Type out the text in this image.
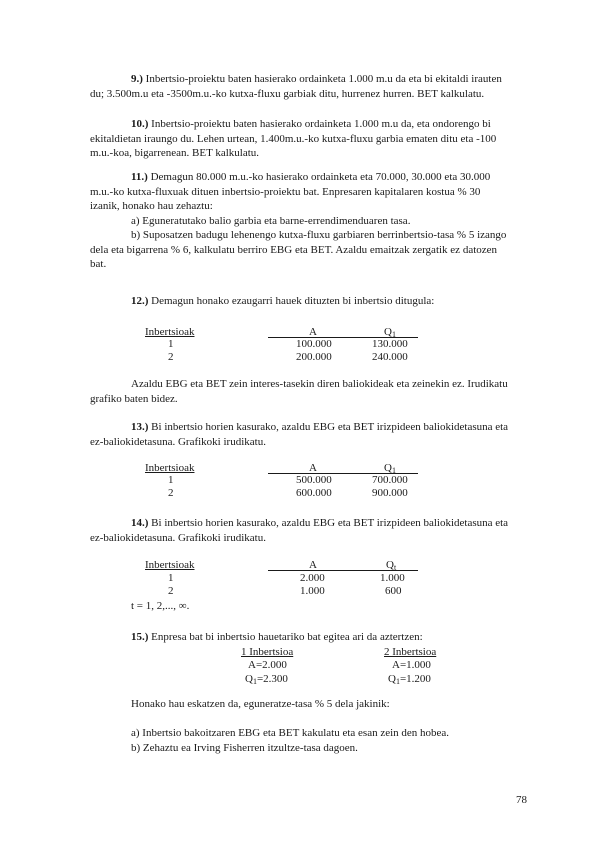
9.) Inbertsio-proiektu baten hasierako ordainketa 1.000 m.u da eta bi ekitaldi irauten
du; 3.500m.u eta -3500m.u.-ko kutxa-fluxu garbiak ditu, hurrenez hurren. BET kalkulatu.
10.) Inbertsio-proiektu baten hasierako ordainketa 1.000 m.u da, eta ondorengo bi
ekitaldietan iraungo du. Lehen urtean, 1.400m.u.-ko kutxa-fluxu garbia ematen ditu eta -100
m.u.-koa, bigarrenean. BET kalkulatu.
11.) Demagun 80.000 m.u.-ko hasierako ordainketa eta 70.000, 30.000 eta 30.000
m.u.-ko kutxa-fluxuak dituen inbertsio-proiektu bat. Enpresaren kapitalaren kostua % 30
izanik, honako hau zehaztu:
a) Eguneratutako balio garbia eta barne-errendimenduaren tasa.
b) Suposatzen badugu lehenengo kutxa-fluxu garbiaren berrinbertsio-tasa % 5 izango
dela eta bigarrena % 6, kalkulatu berriro EBG eta BET. Azaldu emaitzak zergatik ez datozen
bat.
12.) Demagun honako ezaugarri hauek dituzten bi inbertsio ditugula:
Inbertsioak	A	$Q_1$
1	100.000	130.000
2	200.000	240.000
Azaldu EBG eta BET zein interes-tasekin diren baliokideak eta zeinekin ez. Irudikatu
grafiko baten bidez.
13.) Bi inbertsio horien kasurako, azaldu EBG eta BET irizpideen baliokidetasuna eta
ez-baliokidetasuna. Grafikoki irudikatu.
Inbertsioak	A	$Q_1$
1	500.000	700.000
2	600.000	900.000
14.) Bi inbertsio horien kasurako, azaldu EBG eta BET irizpideen baliokidetasuna eta
ez-baliokidetasuna. Grafikoki irudikatu.
Inbertsioak	A	$Q_t$
1	2.000	1.000
2	1.000	600
t = 1, 2,..., ∞.
15.) Enpresa bat bi inbertsio hauetariko bat egitea ari da aztertzen:
1 Inbertsioa	2 Inbertsioa
A=2.000	A=1.000
$Q_1=2.300$	$Q_1=1.200$
Honako hau eskatzen da, eguneratze-tasa % 5 dela jakinik:
a) Inbertsio bakoitzaren EBG eta BET kakulatu eta esan zein den hobea.
b) Zehaztu ea Irving Fisherren itzultze-tasa dagoen.
78
